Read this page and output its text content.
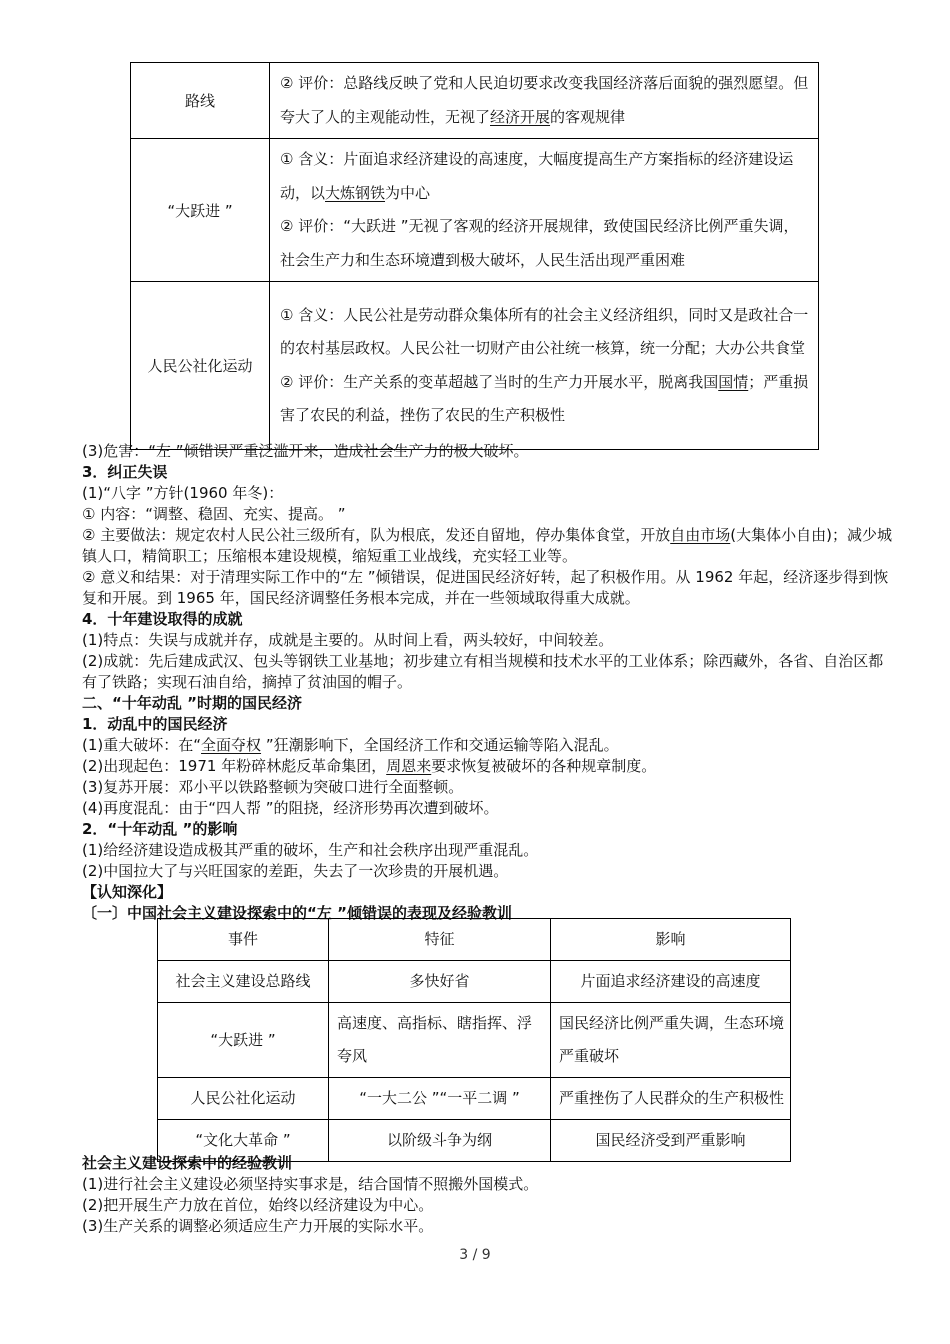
路线	② 评价：总路线反映了党和人民迫切要求改变我国经济落后面貌的强烈愿望。但夸大了人的主观能动性，无视了经济开展的客观规律
“大跃进 ”	① 含义：片面追求经济建设的高速度，大幅度提高生产方案指标的经济建设运动，以大炼钢铁为中心
② 评价：“大跃进 ”无视了客观的经济开展规律，致使国民经济比例严重失调，社会生产力和生态环境遭到极大破坏，人民生活出现严重困难

人民公社化运动	① 含义：人民公社是劳动群众集体所有的社会主义经济组织，同时又是政社合一的农村基层政权。人民公社一切财产由公社统一核算，统一分配；大办公共食堂
② 评价：生产关系的变革超越了当时的生产力开展水平，脱离我国国情；严重损害了农民的利益，挫伤了农民的生产积极性
(3)危害：“左 ”倾错误严重泛滥开来，造成社会生产力的极大破坏。
3．纠正失误
(1)“八字 ”方针(1960 年冬)：
① 内容：“调整、稳固、充实、提高。 ”
② 主要做法：规定农村人民公社三级所有，队为根底，发还自留地，停办集体食堂，开放自由市场(大集体小自由)；减少城镇人口，精简职工；压缩根本建设规模，缩短重工业战线，充实轻工业等。
② 意义和结果：对于清理实际工作中的“左 ”倾错误，促进国民经济好转，起了积极作用。从 1962 年起，经济逐步得到恢复和开展。到 1965 年，国民经济调整任务根本完成，并在一些领域取得重大成就。
4．十年建设取得的成就
(1)特点：失误与成就并存，成就是主要的。从时间上看，两头较好，中间较差。
(2)成就：先后建成武汉、包头等钢铁工业基地；初步建立有相当规模和技术水平的工业体系；除西藏外，各省、自治区都有了铁路；实现石油自给，摘掉了贫油国的帽子。
二、“十年动乱 ”时期的国民经济
1．动乱中的国民经济
(1)重大破坏：在“全面夺权 ”狂潮影响下，全国经济工作和交通运输等陷入混乱。
(2)出现起色：1971 年粉碎林彪反革命集团，周恩来要求恢复被破坏的各种规章制度。
(3)复苏开展：邓小平以铁路整顿为突破口进行全面整顿。
(4)再度混乱：由于“四人帮 ”的阻挠，经济形势再次遭到破坏。
2．“十年动乱 ”的影响
(1)给经济建设造成极其严重的破坏，生产和社会秩序出现严重混乱。
(2)中国拉大了与兴旺国家的差距，失去了一次珍贵的开展机遇。
【认知深化】
〔一〕中国社会主义建设探索中的“左 ”倾错误的表现及经验教训
事件	特征	影响
社会主义建设总路线	多快好省	片面追求经济建设的高速度
“大跃进 ”	高速度、高指标、瞎指挥、浮夸风	国民经济比例严重失调，生态环境严重破坏
人民公社化运动	“一大二公 ”“一平二调 ”	严重挫伤了人民群众的生产积极性
“文化大革命 ”	以阶级斗争为纲	国民经济受到严重影响
社会主义建设探索中的经验教训
(1)进行社会主义建设必须坚持实事求是，结合国情不照搬外国模式。
(2)把开展生产力放在首位，始终以经济建设为中心。
(3)生产关系的调整必须适应生产力开展的实际水平。
3 / 9
